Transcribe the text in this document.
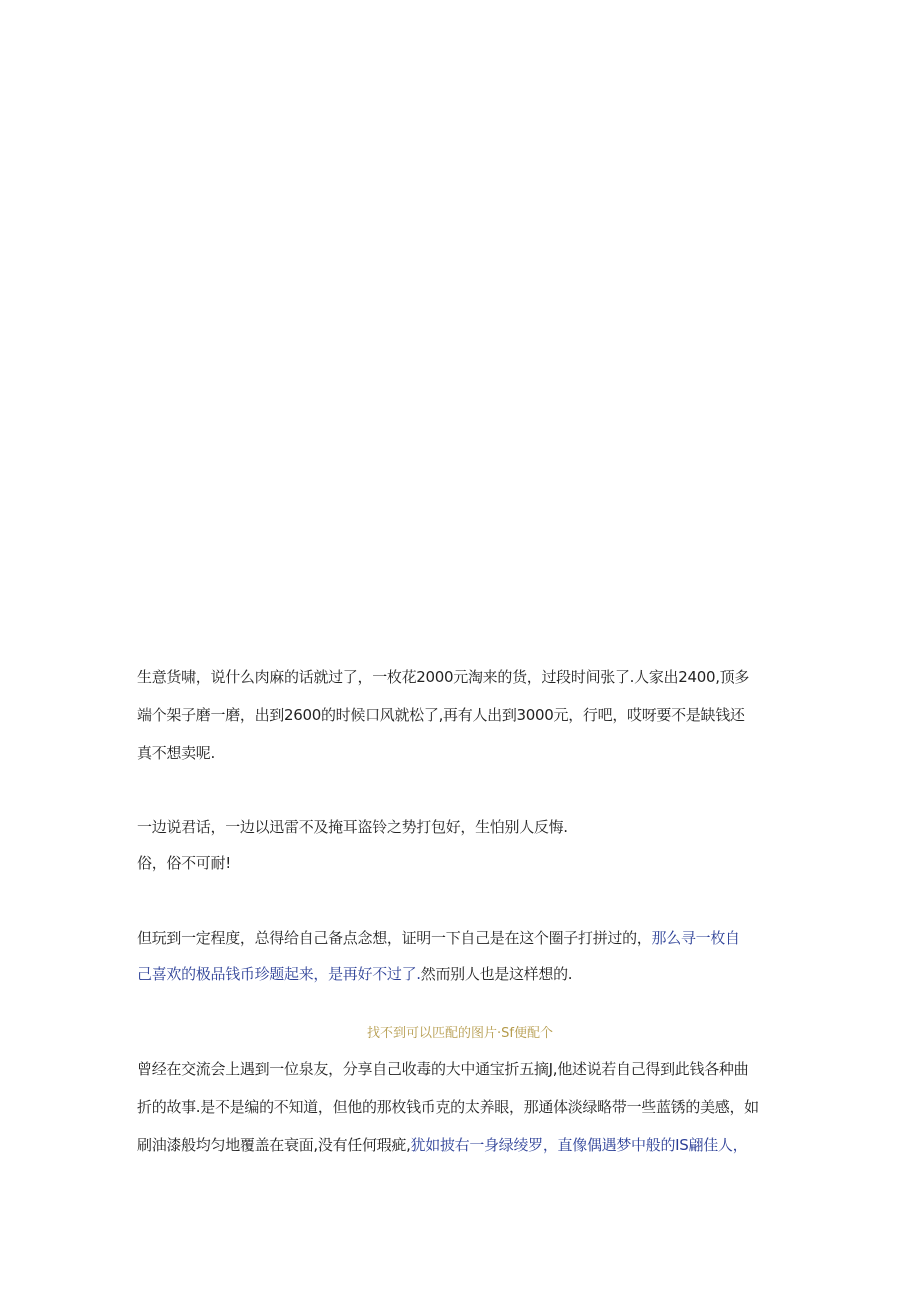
生意货啸，说什么肉麻的话就过了，一枚花2000元淘来的货，过段时间张了.人家出2400,顶多
端个架子磨一磨，出到2600的时候口风就松了,再有人出到3000元，行吧，哎呀要不是缺钱还
真不想卖呢.
一边说君话，一边以迅雷不及掩耳盗铃之势打包好，生怕别人反悔.
俗，俗不可耐!
但玩到一定程度，总得给自己备点念想，证明一下自己是在这个圈子打拼过的，那么寻一枚自
己喜欢的极品钱币珍题起来，是再好不过了.然而别人也是这样想的.
找不到可以匹配的图片·Sf便配个
曾经在交流会上遇到一位泉友，分享自己收毒的大中通宝折五摘J,他述说若自己得到此钱各种曲
折的故事.是不是编的不知道，但他的那枚钱币克的太养眼，那通体淡绿略带一些蓝锈的美感，如
刷油漆般均匀地覆盖在衰面,没有任何瑕疵,犹如披右一身绿绫罗，直像偶遇梦中般的IS翩佳人，
